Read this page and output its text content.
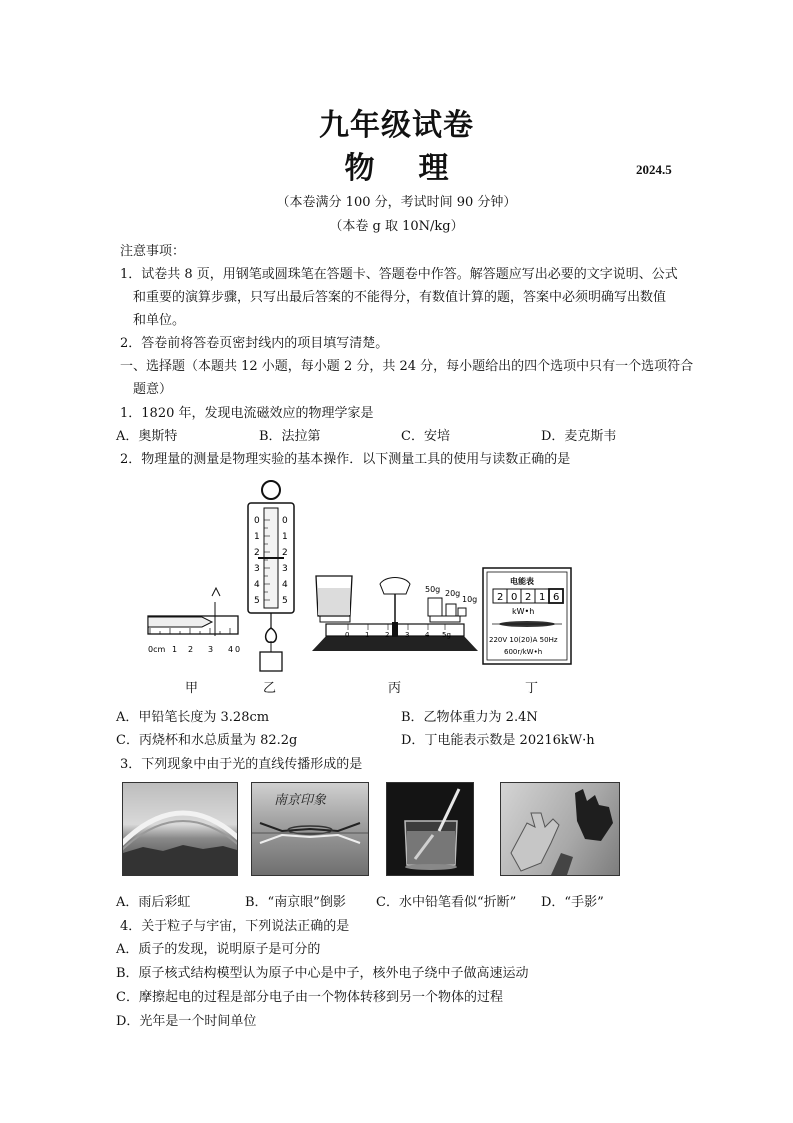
九年级试卷
物 理	2024.5
（本卷满分 100 分，考试时间 90 分钟）
（本卷 g 取 10N/kg）
注意事项：
1．试卷共 8 页，用钢笔或圆珠笔在答题卡、答题卷中作答。解答题应写出必要的文字说明、公式
和重要的演算步骤，只写出最后答案的不能得分，有数值计算的题，答案中必须明确写出数值
和单位。
2．答卷前将答卷页密封线内的项目填写清楚。
一、选择题（本题共 12 小题，每小题 2 分，共 24 分，每小题给出的四个选项中只有一个选项符合
题意）
1．1820 年，发现电流磁效应的物理学家是
A．奥斯特	B．法拉第	C．安培	D．麦克斯韦
2．物理量的测量是物理实验的基本操作．以下测量工具的使用与读数正确的是
0cm 1 2 3 4 0
0
1
2
3
4
5
0
1
2
3
4
5
0 1 2 3 4 5g
50g 20g
10g
电能表
2 0 2 1 6
kW•h
220V 10(20)A 50Hz
600r/kW•h
甲	乙	丙	丁
A．甲铅笔长度为 3.28cm	B．乙物体重力为 2.4N
C．丙烧杯和水总质量为 82.2g	D．丁电能表示数是 20216kW·h
3．下列现象中由于光的直线传播形成的是
南京印象
A．雨后彩虹	B．“南京眼”倒影 C．水中铅笔看似“折断” D．“手影”
4．关于粒子与宇宙，下列说法正确的是
A．质子的发现，说明原子是可分的
B．原子核式结构模型认为原子中心是中子，核外电子绕中子做高速运动
C．摩擦起电的过程是部分电子由一个物体转移到另一个物体的过程
D．光年是一个时间单位
